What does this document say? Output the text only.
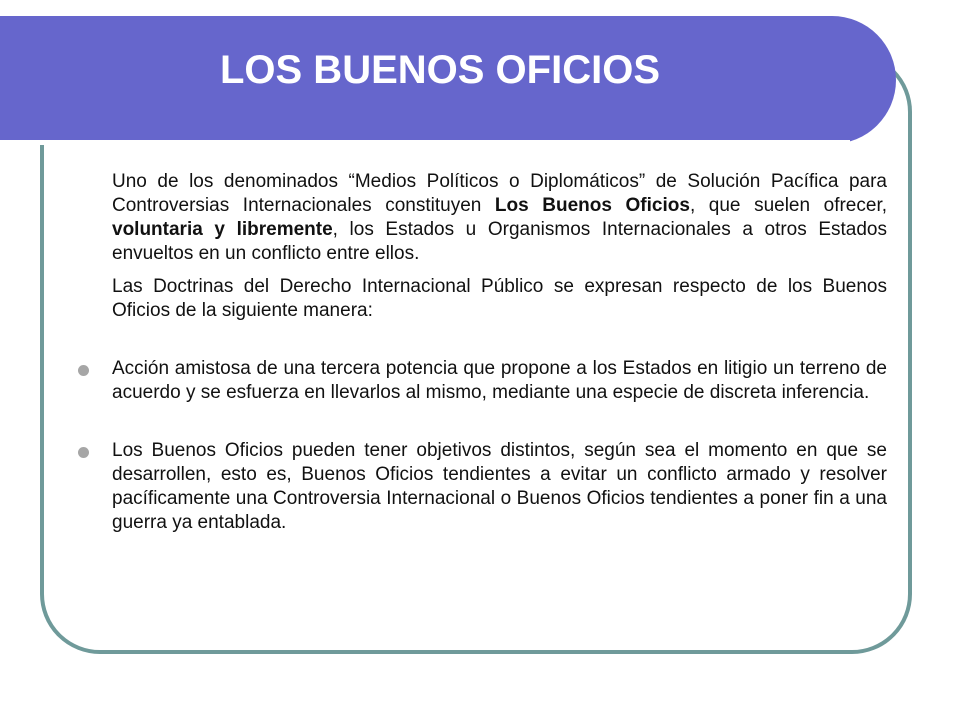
LOS BUENOS OFICIOS

Uno de los denominados “Medios Políticos o Diplomáticos” de Solución Pacífica para Controversias Internacionales constituyen Los Buenos Oficios, que suelen ofrecer, voluntaria y libremente, los Estados u Organismos Internacionales a otros Estados envueltos en un conflicto entre ellos.

Las Doctrinas del Derecho Internacional Público se expresan respecto de los Buenos Oficios de la siguiente manera:

Acción amistosa de una tercera potencia que propone a los Estados en litigio un terreno de acuerdo y se esfuerza en llevarlos al mismo, mediante una especie de discreta inferencia.

Los Buenos Oficios pueden tener objetivos distintos, según sea el momento en que se desarrollen, esto es, Buenos Oficios tendientes a evitar un conflicto armado y resolver pacíficamente una Controversia Internacional o Buenos Oficios tendientes a poner fin a una guerra ya entablada.
